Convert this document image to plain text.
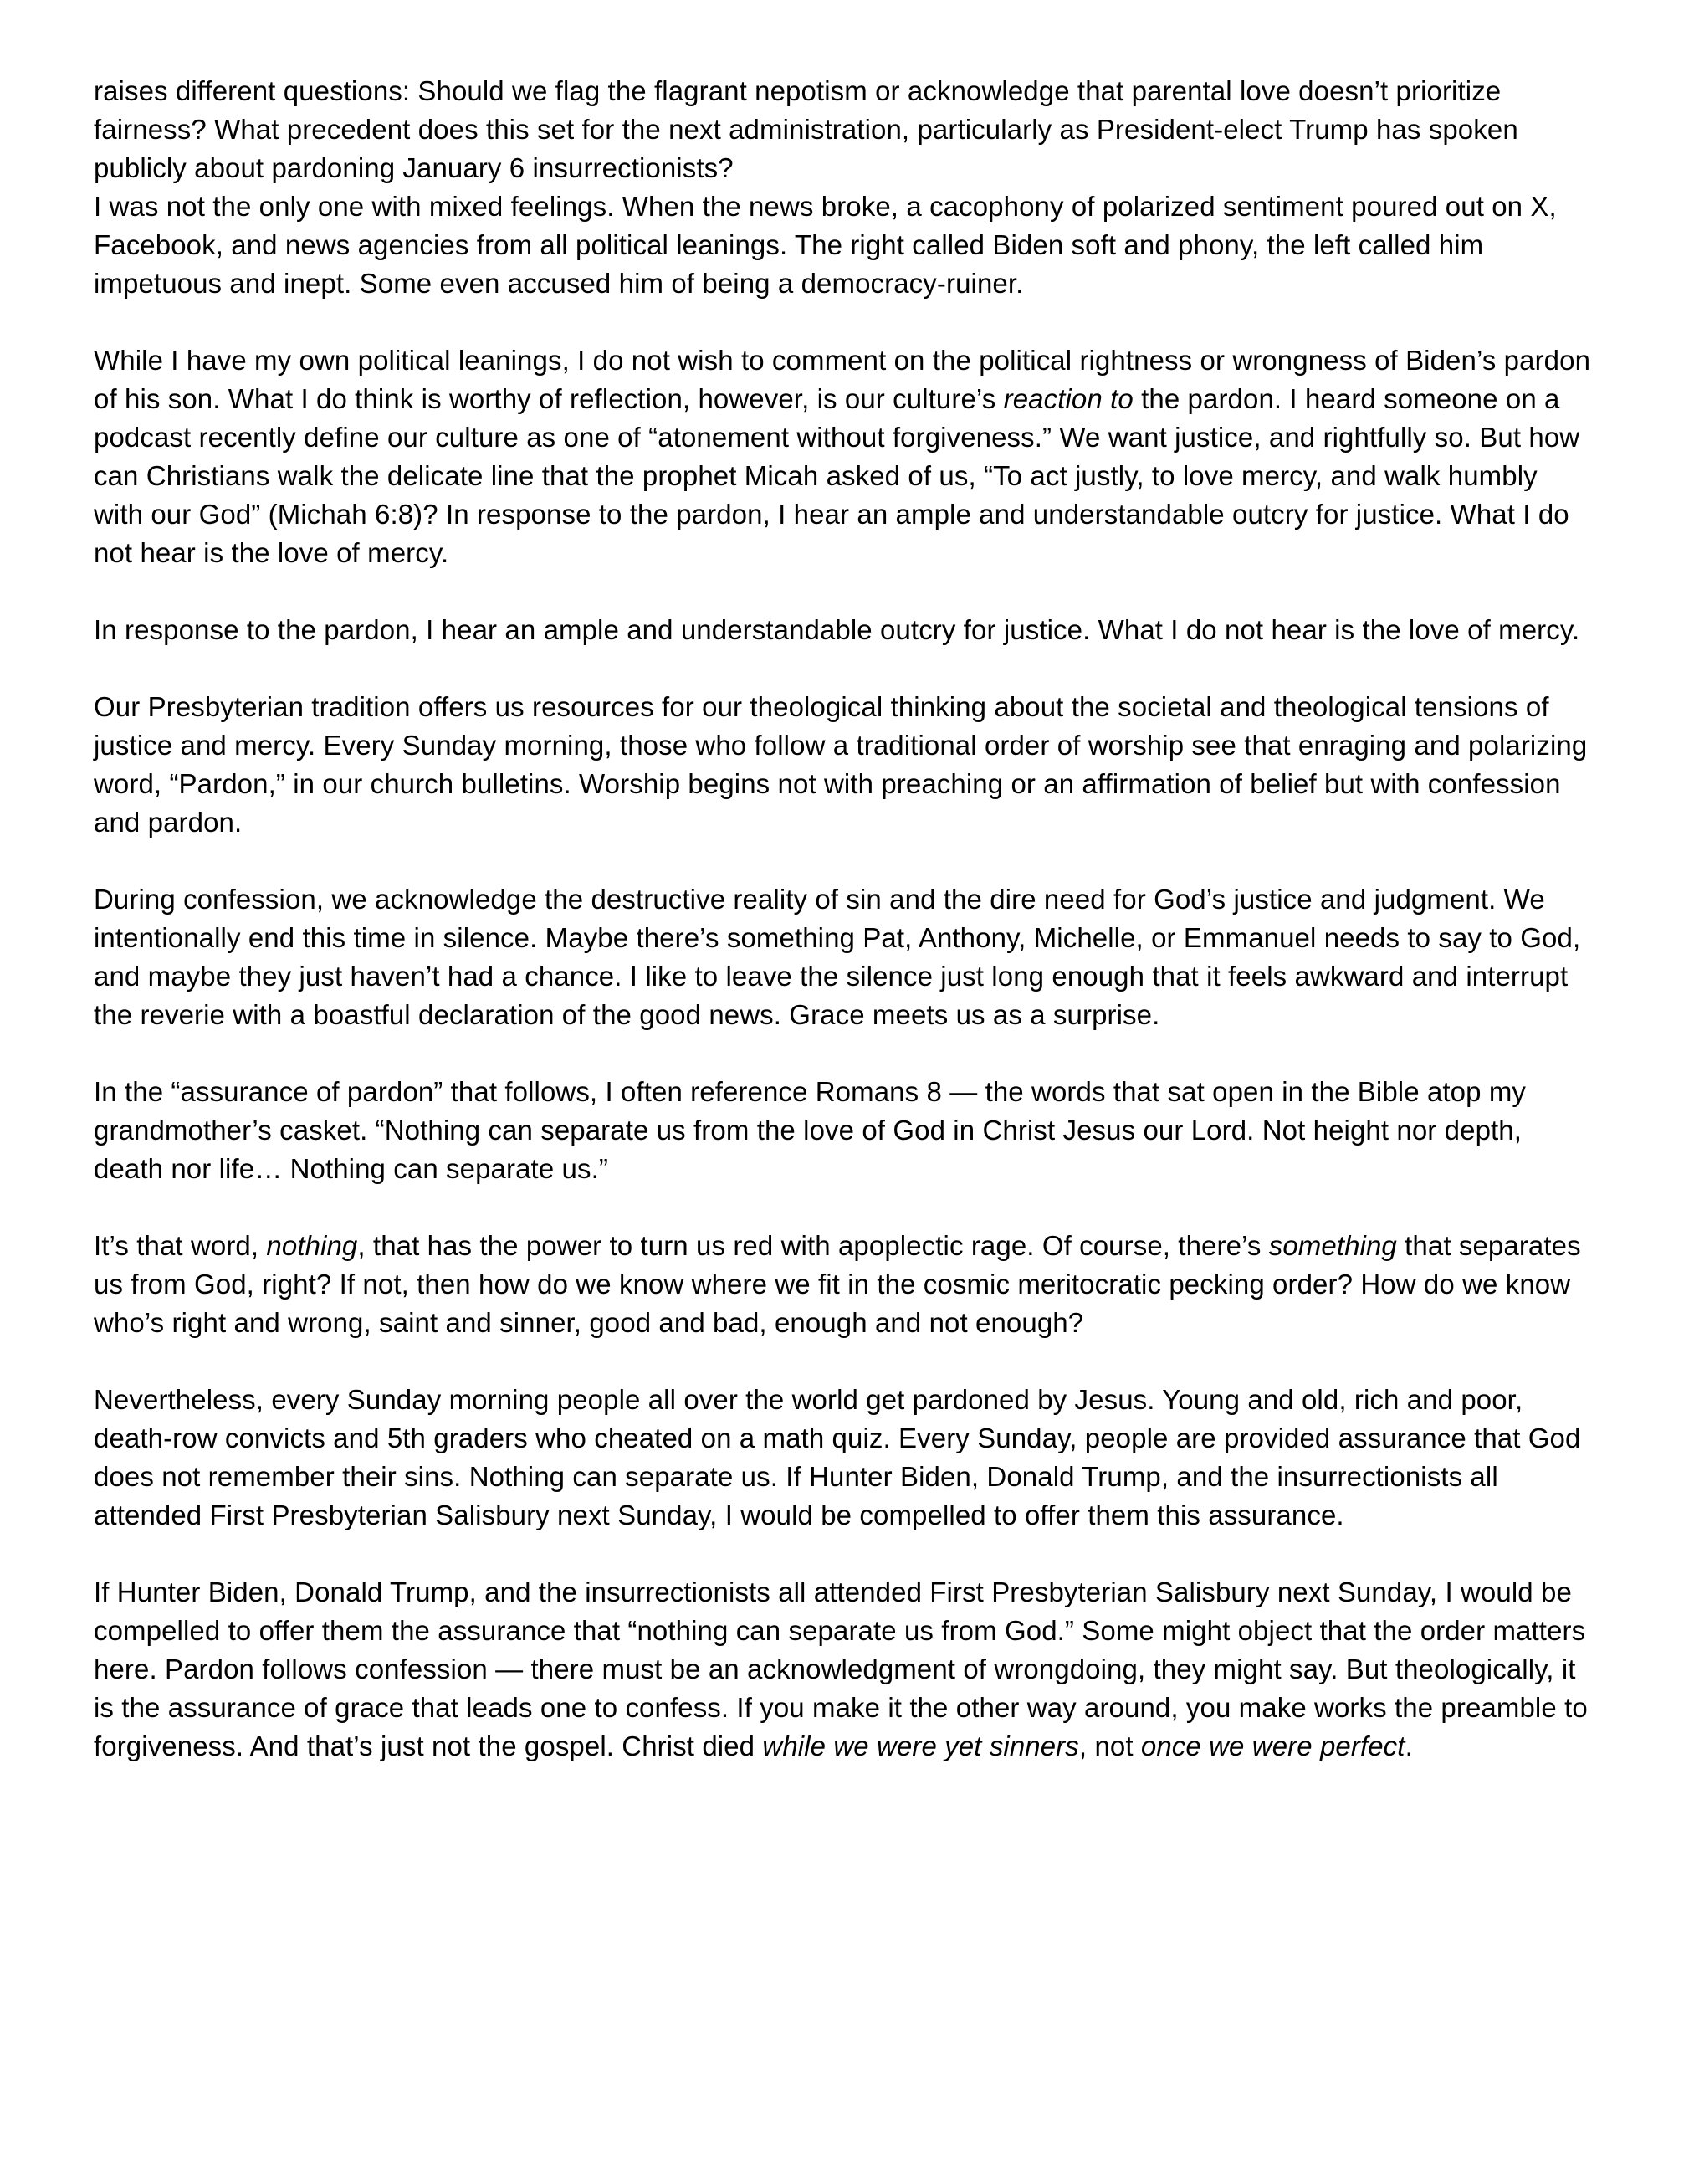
raises different questions: Should we flag the flagrant nepotism or acknowledge that parental love doesn’t prioritize fairness? What precedent does this set for the next administration, particularly as President-elect Trump has spoken publicly about pardoning January 6 insurrectionists?

I was not the only one with mixed feelings. When the news broke, a cacophony of polarized sentiment poured out on X, Facebook, and news agencies from all political leanings. The right called Biden soft and phony, the left called him impetuous and inept. Some even accused him of being a democracy-ruiner.

While I have my own political leanings, I do not wish to comment on the political rightness or wrongness of Biden’s pardon of his son. What I do think is worthy of reflection, however, is our culture’s reaction to the pardon. I heard someone on a podcast recently define our culture as one of “atonement without forgiveness.” We want justice, and rightfully so. But how can Christians walk the delicate line that the prophet Micah asked of us, “To act justly, to love mercy, and walk humbly with our God” (Michah 6:8)? In response to the pardon, I hear an ample and understandable outcry for justice. What I do not hear is the love of mercy.

In response to the pardon, I hear an ample and understandable outcry for justice. What I do not hear is the love of mercy.

Our Presbyterian tradition offers us resources for our theological thinking about the societal and theological tensions of justice and mercy. Every Sunday morning, those who follow a traditional order of worship see that enraging and polarizing word, “Pardon,” in our church bulletins. Worship begins not with preaching or an affirmation of belief but with confession and pardon.

During confession, we acknowledge the destructive reality of sin and the dire need for God’s justice and judgment. We intentionally end this time in silence. Maybe there’s something Pat, Anthony, Michelle, or Emmanuel needs to say to God, and maybe they just haven’t had a chance. I like to leave the silence just long enough that it feels awkward and interrupt the reverie with a boastful declaration of the good news. Grace meets us as a surprise.

In the “assurance of pardon” that follows, I often reference Romans 8 — the words that sat open in the Bible atop my grandmother’s casket. “Nothing can separate us from the love of God in Christ Jesus our Lord. Not height nor depth, death nor life… Nothing can separate us.”

It’s that word, nothing, that has the power to turn us red with apoplectic rage. Of course, there’s something that separates us from God, right? If not, then how do we know where we fit in the cosmic meritocratic pecking order? How do we know who’s right and wrong, saint and sinner, good and bad, enough and not enough?

Nevertheless, every Sunday morning people all over the world get pardoned by Jesus. Young and old, rich and poor, death-row convicts and 5th graders who cheated on a math quiz. Every Sunday, people are provided assurance that God does not remember their sins. Nothing can separate us. If Hunter Biden, Donald Trump, and the insurrectionists all attended First Presbyterian Salisbury next Sunday, I would be compelled to offer them this assurance.

If Hunter Biden, Donald Trump, and the insurrectionists all attended First Presbyterian Salisbury next Sunday, I would be compelled to offer them the assurance that “nothing can separate us from God.” Some might object that the order matters here. Pardon follows confession — there must be an acknowledgment of wrongdoing, they might say. But theologically, it is the assurance of grace that leads one to confess. If you make it the other way around, you make works the preamble to forgiveness. And that’s just not the gospel. Christ died while we were yet sinners, not once we were perfect.
